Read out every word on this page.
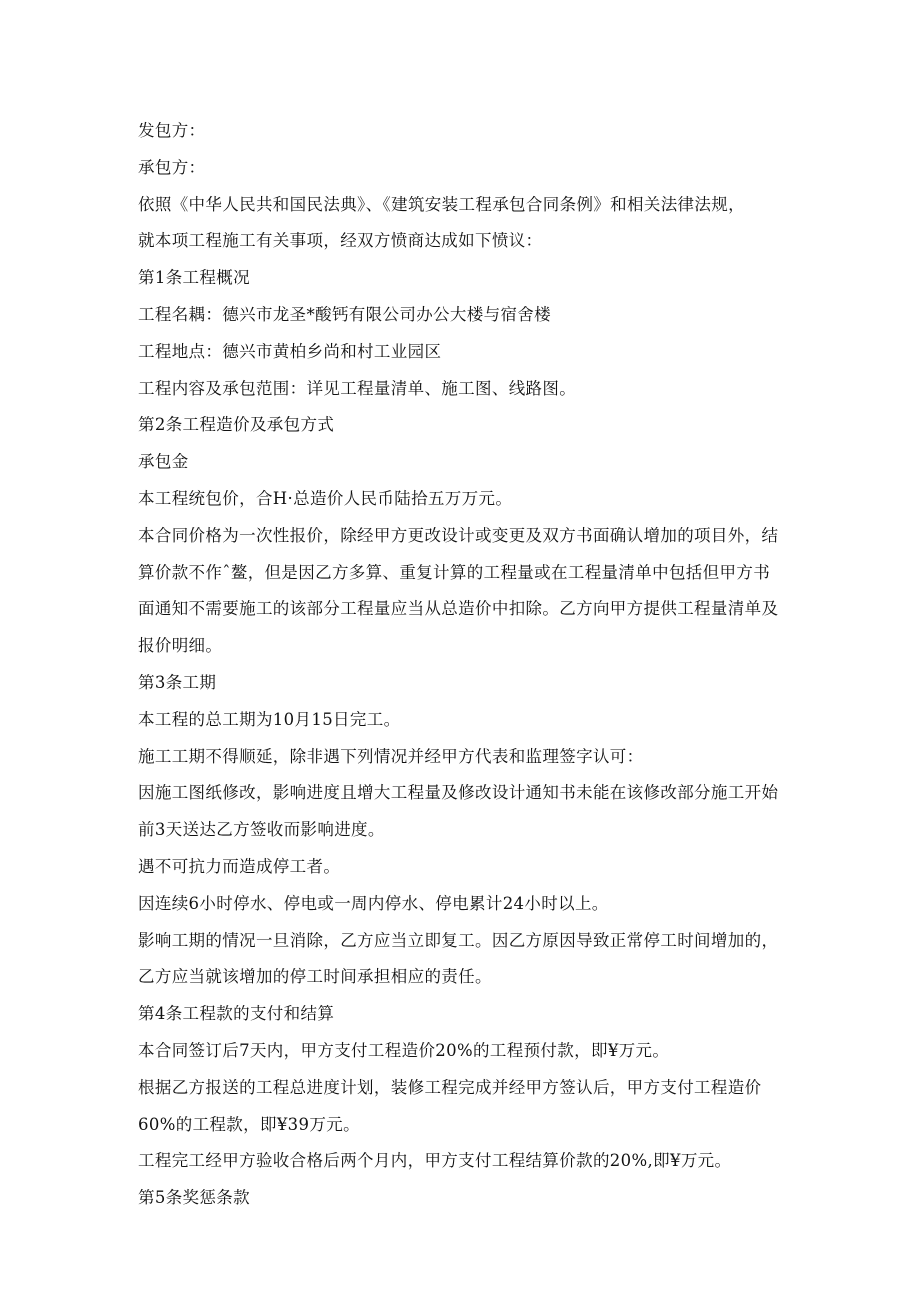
发包方：
承包方：
依照《中华人民共和国民法典》、《建筑安装工程承包合同条例》和相关法律法规，
就本项工程施工有关事项，经双方愤商达成如下愤议：
第1条工程概况
工程名耦：德兴市龙圣*酸钙有限公司办公大楼与宿舍楼
工程地点：德兴市黄柏乡尚和村工业园区
工程内容及承包范围：详见工程量清单、施工图、线路图。
第2条工程造价及承包方式
承包金
本工程统包价，合H·总造价人民币陆拾五万万元。
本合同价格为一次性报价，除经甲方更改设计或变更及双方书面确认增加的项目外，结
算价款不作ˆ鳌，但是因乙方多算、重复计算的工程量或在工程量清单中包括但甲方书
面通知不需要施工的该部分工程量应当从总造价中扣除。乙方向甲方提供工程量清单及
报价明细。
第3条工期
本工程的总工期为10月15日完工。
施工工期不得顺延，除非遇下列情况并经甲方代表和监理签字认可：
因施工图纸修改，影响进度且增大工程量及修改设计通知书未能在该修改部分施工开始
前3天送达乙方签收而影响进度。
遇不可抗力而造成停工者。
因连续6小时停水、停电或一周内停水、停电累计24小时以上。
影响工期的情况一旦消除，乙方应当立即复工。因乙方原因导致正常停工时间增加的，
乙方应当就该增加的停工时间承担相应的责任。
第4条工程款的支付和结算
本合同签订后7天内，甲方支付工程造价20%的工程预付款，即¥万元。
根据乙方报送的工程总进度计划，装修工程完成并经甲方签认后，甲方支付工程造价
60%的工程款，即¥39万元。
工程完工经甲方验收合格后两个月内，甲方支付工程结算价款的20%,即¥万元。
第5条奖惩条款
